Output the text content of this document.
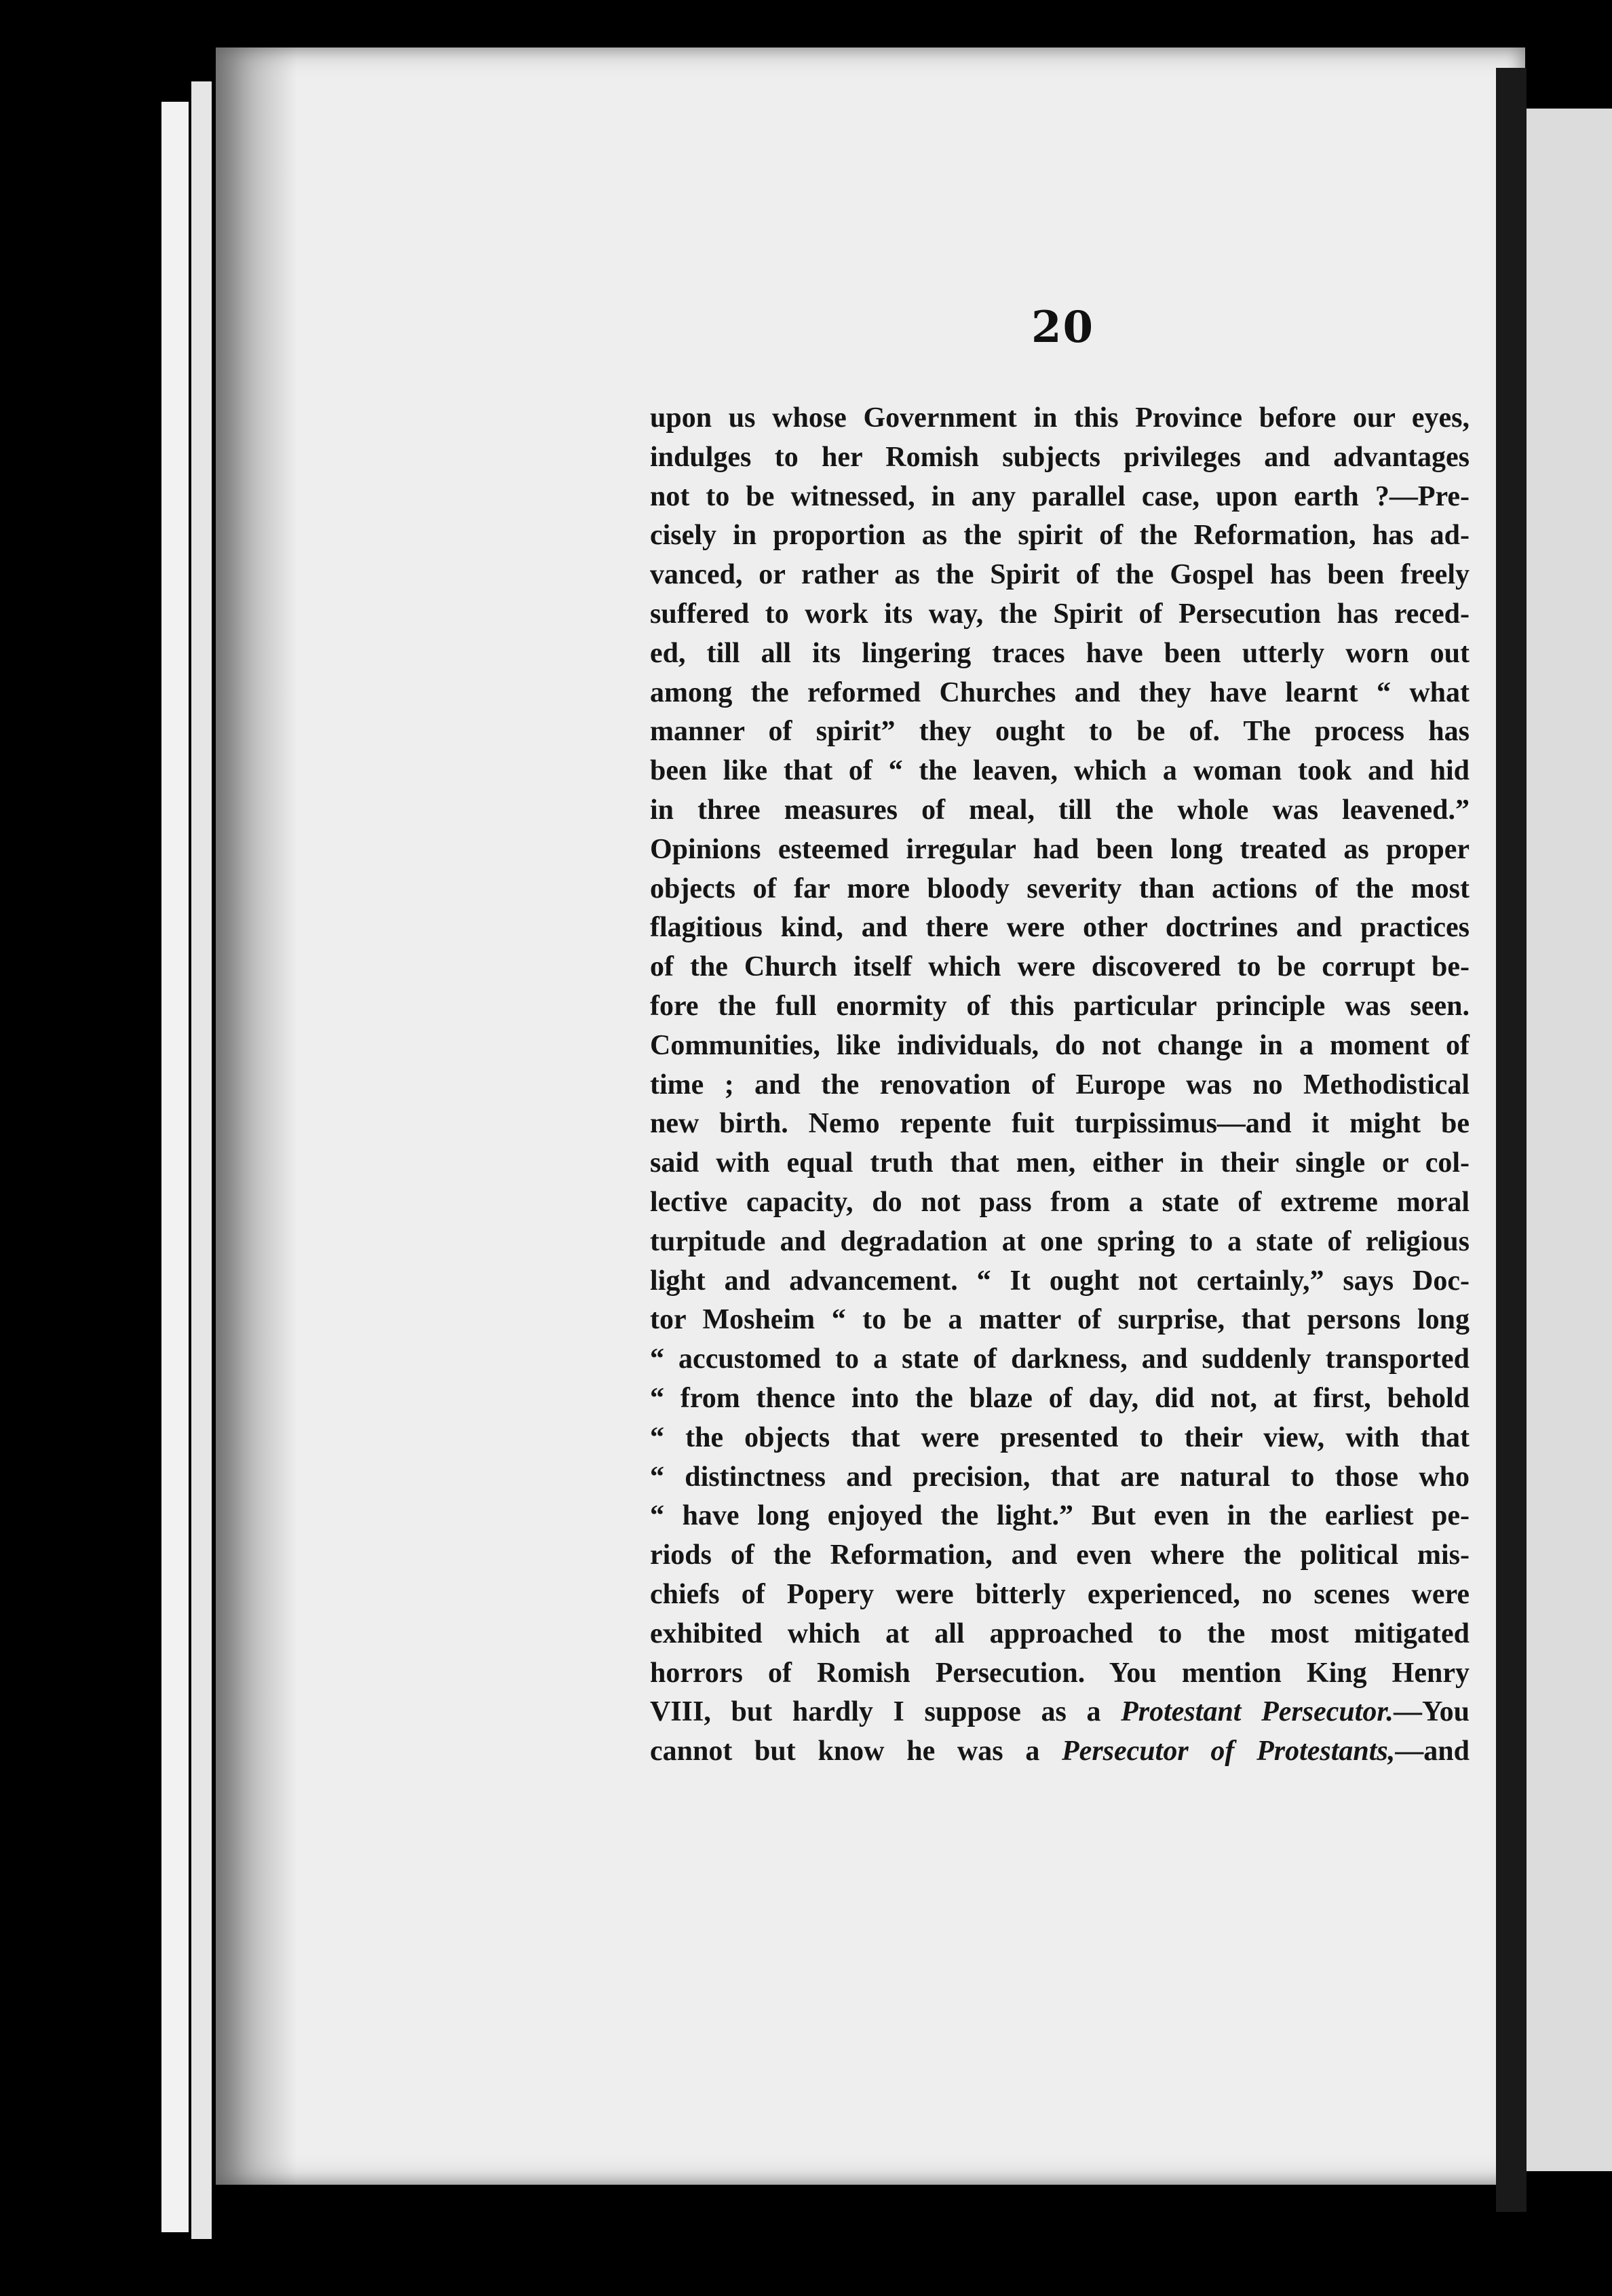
20
upon us whose Government in this Province before our eyes,
indulges to her Romish subjects privileges and advantages
not to be witnessed, in any parallel case, upon earth ?—Pre-
cisely in proportion as the spirit of the Reformation, has ad-
vanced, or rather as the Spirit of the Gospel has been freely
suffered to work its way, the Spirit of Persecution has reced-
ed, till all its lingering traces have been utterly worn out
among the reformed Churches and they have learnt “ what
manner of spirit” they ought to be of. The process has
been like that of “ the leaven, which a woman took and hid
in three measures of meal, till the whole was leavened.”
Opinions esteemed irregular had been long treated as proper
objects of far more bloody severity than actions of the most
flagitious kind, and there were other doctrines and practices
of the Church itself which were discovered to be corrupt be-
fore the full enormity of this particular principle was seen.
Communities, like individuals, do not change in a moment of
time ; and the renovation of Europe was no Methodistical
new birth. Nemo repente fuit turpissimus—and it might be
said with equal truth that men, either in their single or col-
lective capacity, do not pass from a state of extreme moral
turpitude and degradation at one spring to a state of religious
light and advancement. “ It ought not certainly,” says Doc-
tor Mosheim “ to be a matter of surprise, that persons long
“ accustomed to a state of darkness, and suddenly transported
“ from thence into the blaze of day, did not, at first, behold
“ the objects that were presented to their view, with that
“ distinctness and precision, that are natural to those who
“ have long enjoyed the light.” But even in the earliest pe-
riods of the Reformation, and even where the political mis-
chiefs of Popery were bitterly experienced, no scenes were
exhibited which at all approached to the most mitigated
horrors of Romish Persecution. You mention King Henry
VIII, but hardly I suppose as a Protestant Persecutor.—You
cannot but know he was a Persecutor of Protestants,—and
